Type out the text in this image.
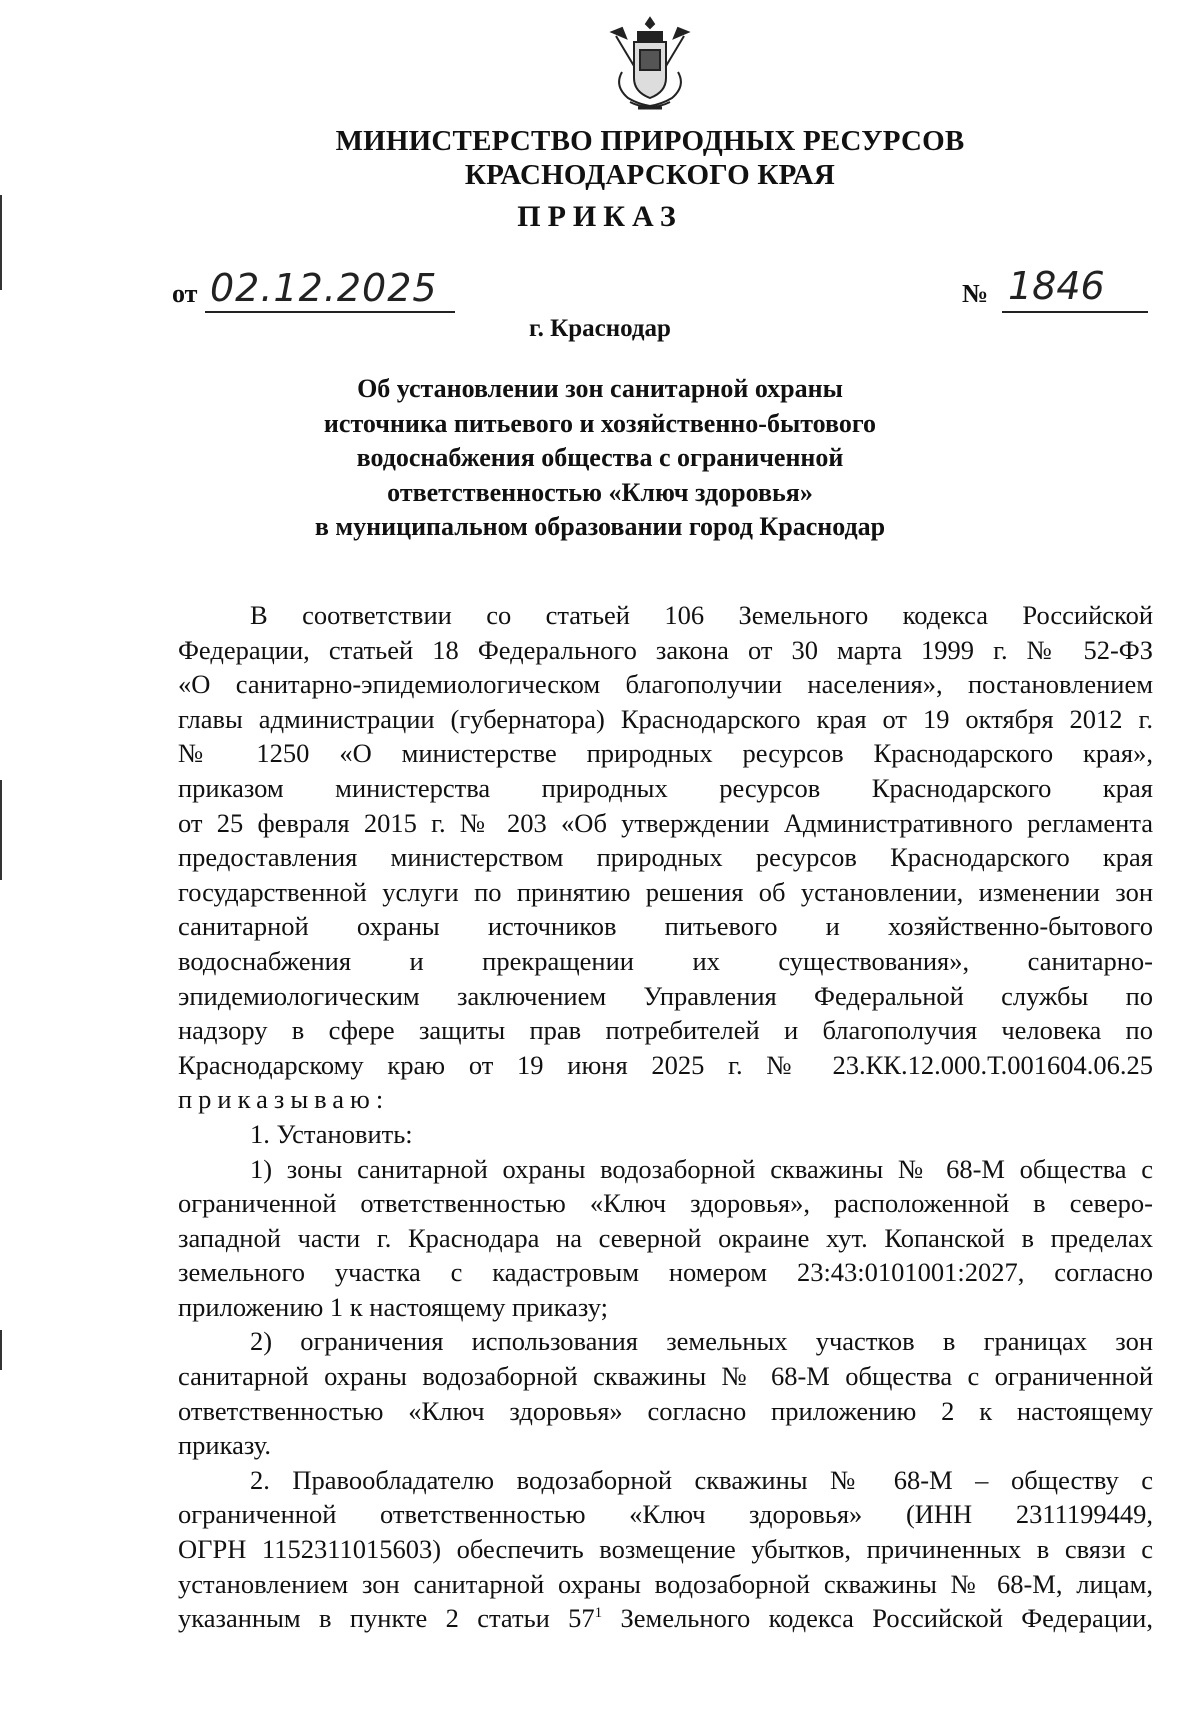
МИНИСТЕРСТВО ПРИРОДНЫХ РЕСУРСОВ
КРАСНОДАРСКОГО КРАЯ
ПРИКАЗ
от 02.12.2025	№ 1846
г. Краснодар
Об установлении зон санитарной охраны
источника питьевого и хозяйственно-бытового
водоснабжения общества с ограниченной
ответственностью «Ключ здоровья»
в муниципальном образовании город Краснодар

В соответствии со статьей 106 Земельного кодекса Российской

Федерации, статьей 18 Федерального закона от 30 марта 1999 г. № 52-ФЗ

«О санитарно-эпидемиологическом благополучии населения», постановлением

главы администрации (губернатора) Краснодарского края от 19 октября 2012 г.

№ 1250 «О министерстве природных ресурсов Краснодарского края»,

приказом министерства природных ресурсов Краснодарского края

от 25 февраля 2015 г. № 203 «Об утверждении Административного регламента

предоставления министерством природных ресурсов Краснодарского края

государственной услуги по принятию решения об установлении, изменении зон

санитарной охраны источников питьевого и хозяйственно-бытового

водоснабжения и прекращении их существования», санитарно-

эпидемиологическим заключением Управления Федеральной службы по

надзору в сфере защиты прав потребителей и благополучия человека по

Краснодарскому краю от 19 июня 2025 г. № 23.КК.12.000.Т.001604.06.25

приказываю:

1. Установить:

1) зоны санитарной охраны водозаборной скважины № 68-М общества с

ограниченной ответственностью «Ключ здоровья», расположенной в северо-

западной части г. Краснодара на северной окраине хут. Копанской в пределах

земельного участка с кадастровым номером 23:43:0101001:2027, согласно

приложению 1 к настоящему приказу;

2) ограничения использования земельных участков в границах зон

санитарной охраны водозаборной скважины № 68-М общества с ограниченной

ответственностью «Ключ здоровья» согласно приложению 2 к настоящему

приказу.

2. Правообладателю водозаборной скважины № 68-М – обществу с

ограниченной ответственностью «Ключ здоровья» (ИНН 2311199449,

ОГРН 1152311015603) обеспечить возмещение убытков, причиненных в связи с

установлением зон санитарной охраны водозаборной скважины № 68-М, лицам,

указанным в пункте 2 статьи $57^1$ Земельного кодекса Российской Федерации,
